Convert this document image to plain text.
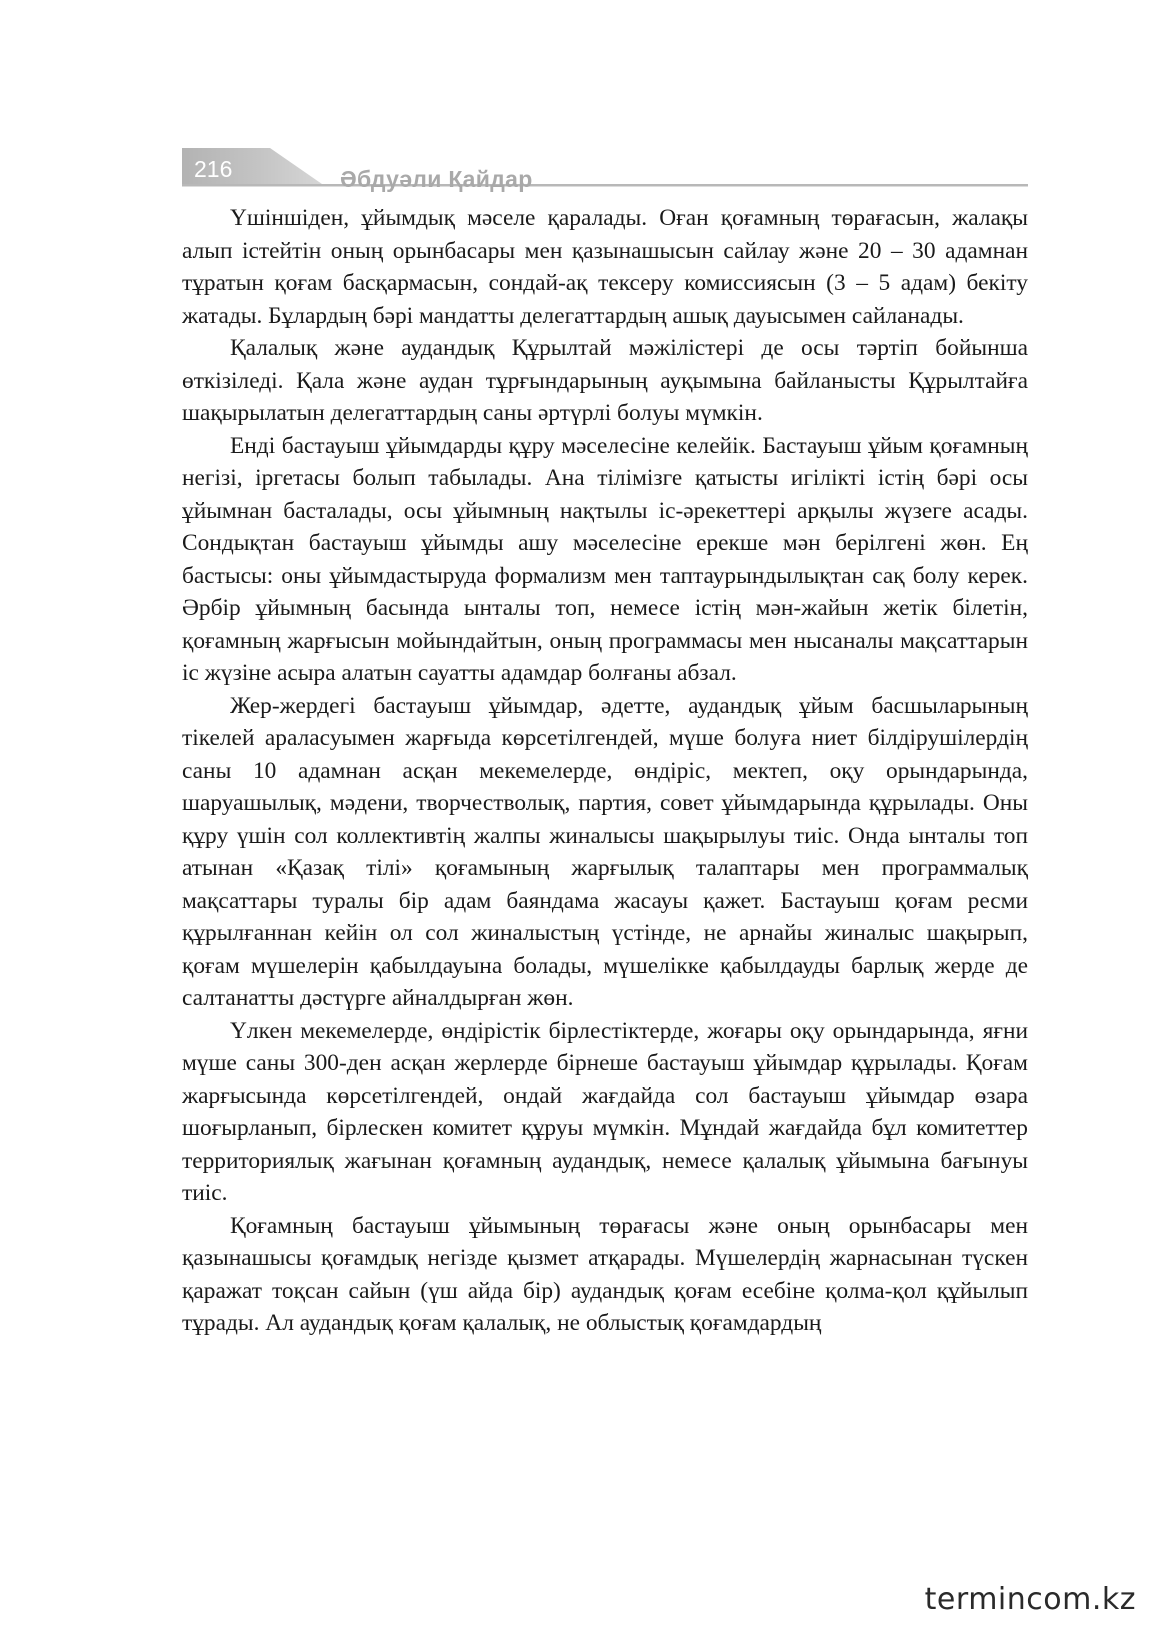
216	Әбдуәли Қайдар

Үшіншіден, ұйымдық мәселе қаралады. Оған қоғамның төрағасын, жалақы алып істейтін оның орынбасары мен қазынашысын сайлау және 20 – 30 адамнан тұратын қоғам басқармасын, сондай-ақ тексеру комиссиясын (3 – 5 адам) бекіту жатады. Бұлардың бәрі мандатты делегаттардың ашық дауысымен сайланады.

Қалалық және аудандық Құрылтай мәжілістері де осы тәртіп бойынша өткізіледі. Қала және аудан тұрғындарының ауқымына байланысты Құрылтайға шақырылатын делегаттардың саны әртүрлі болуы мүмкін.

Енді бастауыш ұйымдарды құру мәселесіне келейік. Бастауыш ұйым қоғамның негізі, іргетасы болып табылады. Ана тілімізге қатысты игілікті істің бәрі осы ұйымнан басталады, осы ұйымның нақтылы іс-әрекеттері арқылы жүзеге асады. Сондықтан бастауыш ұйымды ашу мәселесіне ерекше мән берілгені жөн. Ең бастысы: оны ұйымдастыруда формализм мен таптаурындылықтан сақ болу керек. Әрбір ұйымның басында ынталы топ, немесе істің мән-жайын жетік білетін, қоғамның жарғысын мойындайтын, оның программасы мен нысаналы мақсаттарын іс жүзіне асыра алатын сауатты адамдар болғаны абзал.

Жер-жердегі бастауыш ұйымдар, әдетте, аудандық ұйым басшыларының тікелей араласуымен жарғыда көрсетілгендей, мүше болуға ниет білдірушілердің саны 10 адамнан асқан мекемелерде, өндіріс, мектеп, оқу орындарында, шаруашылық, мәдени, творчестволық, партия, совет ұйымдарында құрылады. Оны құру үшін сол коллективтің жалпы жиналысы шақырылуы тиіс. Онда ынталы топ атынан «Қазақ тілі» қоғамының жарғылық талаптары мен программалық мақсаттары туралы бір адам баяндама жасауы қажет. Бастауыш қоғам ресми құрылғаннан кейін ол сол жиналыстың үстінде, не арнайы жиналыс шақырып, қоғам мүшелерін қабылдауына болады, мүшелікке қабылдауды барлық жерде де салтанатты дәстүрге айналдырған жөн.

Үлкен мекемелерде, өндірістік бірлестіктерде, жоғары оқу орындарында, яғни мүше саны 300-ден асқан жерлерде бірнеше бастауыш ұйымдар құрылады. Қоғам жарғысында көрсетілгендей, ондай жағдайда сол бастауыш ұйымдар өзара шоғырланып, бірлескен комитет құруы мүмкін. Мұндай жағдайда бұл комитеттер территориялық жағынан қоғамның аудандық, немесе қалалық ұйымына бағынуы тиіс.

Қоғамның бастауыш ұйымының төрағасы және оның орынбасары мен қазынашысы қоғамдық негізде қызмет атқарады. Мүшелердің жарнасынан түскен қаражат тоқсан сайын (үш айда бір) аудандық қоғам есебіне қолма-қол құйылып тұрады. Ал аудандық қоғам қалалық, не облыстық қоғамдардың

termincom.kz
